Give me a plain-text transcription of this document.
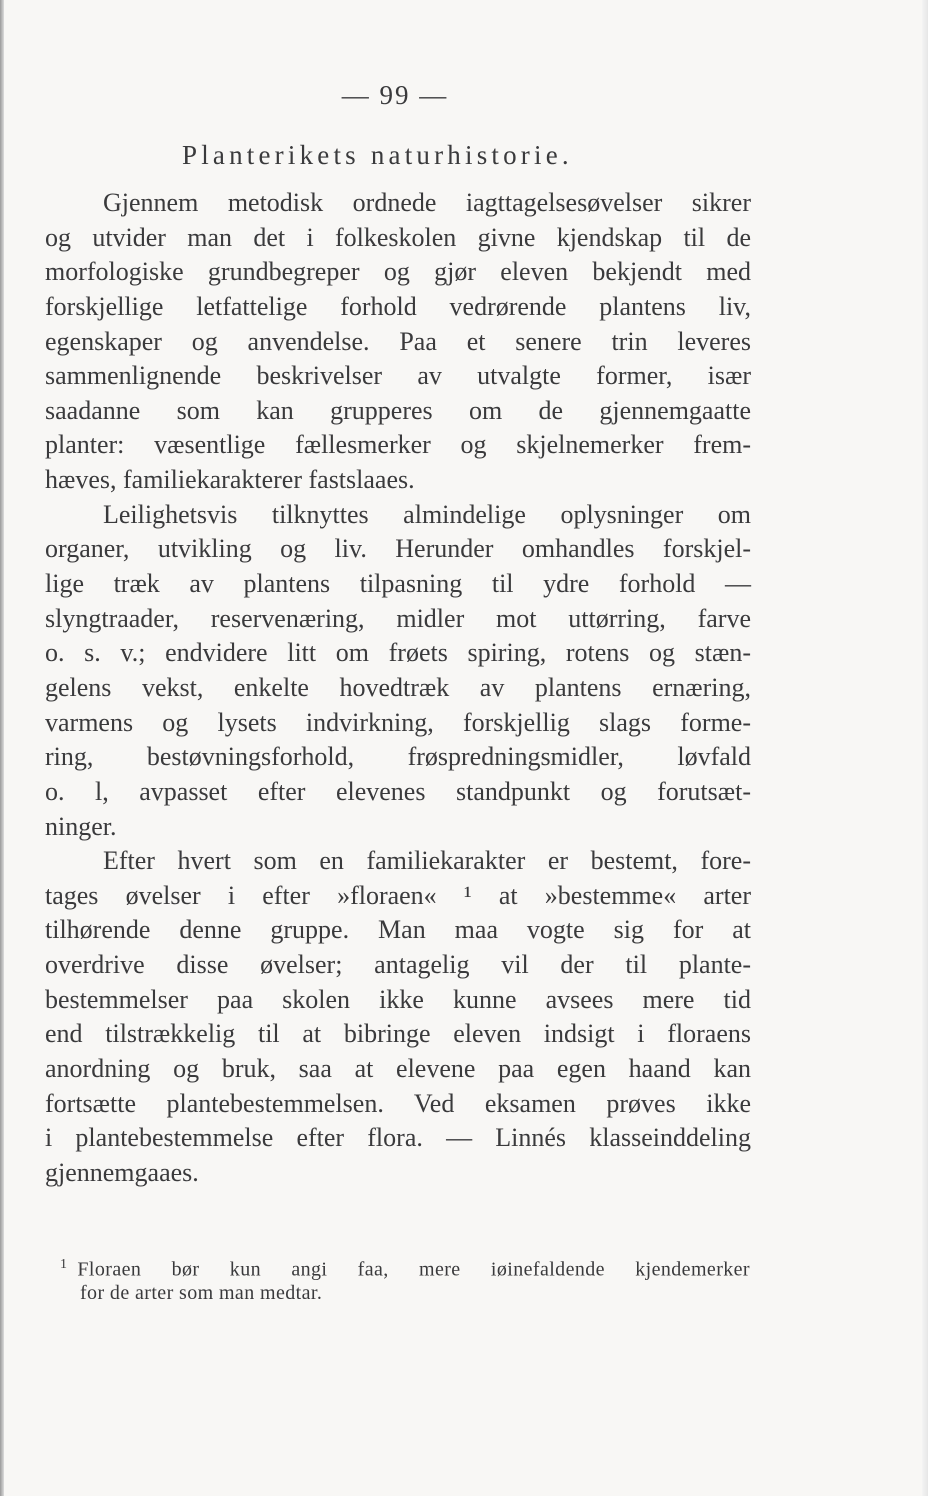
— 99 —
Planterikets naturhistorie.
Gjennem metodisk ordnede iagttagelsesøvelser sikrer
og utvider man det i folkeskolen givne kjendskap til de
morfologiske grundbegreper og gjør eleven bekjendt med
forskjellige letfattelige forhold vedrørende plantens liv,
egenskaper og anvendelse. Paa et senere trin leveres
sammenlignende beskrivelser av utvalgte former, især
saadanne som kan grupperes om de gjennemgaatte
planter: væsentlige fællesmerker og skjelnemerker frem-
hæves, familiekarakterer fastslaaes.
Leilighetsvis tilknyttes almindelige oplysninger om
organer, utvikling og liv. Herunder omhandles forskjel-
lige træk av plantens tilpasning til ydre forhold —
slyngtraader, reservenæring, midler mot uttørring, farve
o. s. v.; endvidere litt om frøets spiring, rotens og stæn-
gelens vekst, enkelte hovedtræk av plantens ernæring,
varmens og lysets indvirkning, forskjellig slags forme-
ring, bestøvningsforhold, frøspredningsmidler, løvfald
o. l, avpasset efter elevenes standpunkt og forutsæt-
ninger.
Efter hvert som en familiekarakter er bestemt, fore-
tages øvelser i efter »floraen« ¹ at »bestemme« arter
tilhørende denne gruppe. Man maa vogte sig for at
overdrive disse øvelser; antagelig vil der til plante-
bestemmelser paa skolen ikke kunne avsees mere tid
end tilstrækkelig til at bibringe eleven indsigt i floraens
anordning og bruk, saa at elevene paa egen haand kan
fortsætte plantebestemmelsen. Ved eksamen prøves ikke
i plantebestemmelse efter flora. — Linnés klasseinddeling
gjennemgaaes.
$^1$ Floraen bør kun angi faa, mere iøinefaldende kjendemerker
for de arter som man medtar.
